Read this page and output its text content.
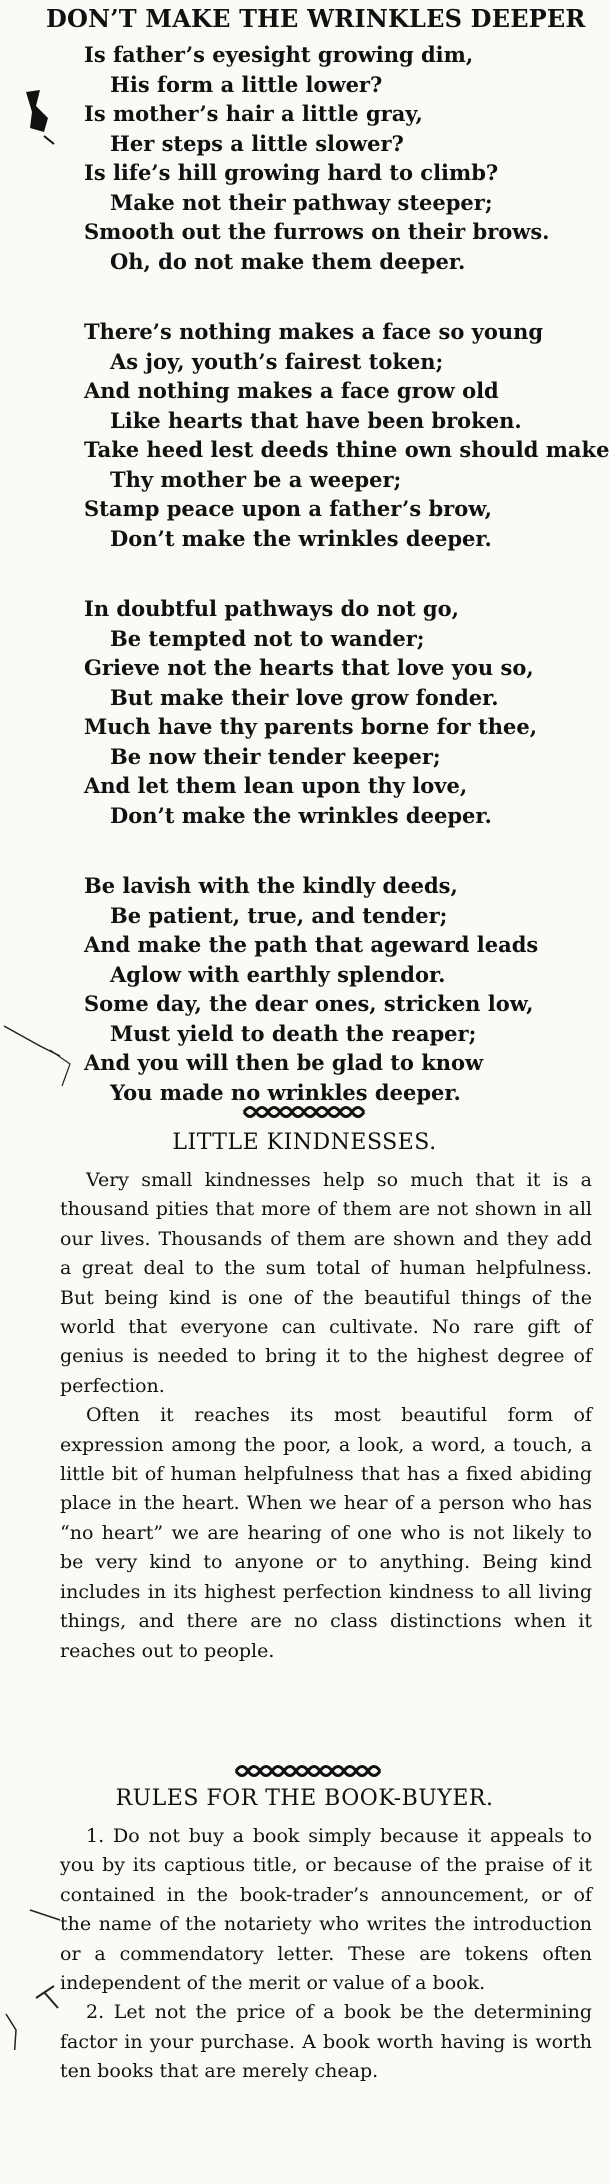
DON’T MAKE THE WRINKLES DEEPER
Is father’s eyesight growing dim,
His form a little lower?
Is mother’s hair a little gray,
Her steps a little slower?
Is life’s hill growing hard to climb?
Make not their pathway steeper;
Smooth out the furrows on their brows.
Oh, do not make them deeper.
There’s nothing makes a face so young
As joy, youth’s fairest token;
And nothing makes a face grow old
Like hearts that have been broken.
Take heed lest deeds thine own should make
Thy mother be a weeper;
Stamp peace upon a father’s brow,
Don’t make the wrinkles deeper.
In doubtful pathways do not go,
Be tempted not to wander;
Grieve not the hearts that love you so,
But make their love grow fonder.
Much have thy parents borne for thee,
Be now their tender keeper;
And let them lean upon thy love,
Don’t make the wrinkles deeper.
Be lavish with the kindly deeds,
Be patient, true, and tender;
And make the path that ageward leads
Aglow with earthly splendor.
Some day, the dear ones, stricken low,
Must yield to death the reaper;
And you will then be glad to know
You made no wrinkles deeper.
LITTLE KINDNESSES.

Very small kindnesses help so much that it is a thousand pities that more of them are not shown in all our lives. Thousands of them are shown and they add a great deal to the sum total of human helpfulness. But being kind is one of the beautiful things of the world that everyone can cultivate. No rare gift of genius is needed to bring it to the highest degree of perfection.

Often it reaches its most beautiful form of expression among the poor, a look, a word, a touch, a little bit of human helpfulness that has a fixed abiding place in the heart. When we hear of a person who has “no heart” we are hearing of one who is not likely to be very kind to anyone or to anything. Being kind includes in its highest perfection kindness to all living things, and there are no class distinctions when it reaches out to people.

RULES FOR THE BOOK-BUYER.

1. Do not buy a book simply because it appeals to you by its captious title, or because of the praise of it contained in the book-trader’s announcement, or of the name of the notariety who writes the introduction or a commendatory letter. These are tokens often independent of the merit or value of a book.

2. Let not the price of a book be the determining factor in your purchase. A book worth having is worth ten books that are merely cheap.
